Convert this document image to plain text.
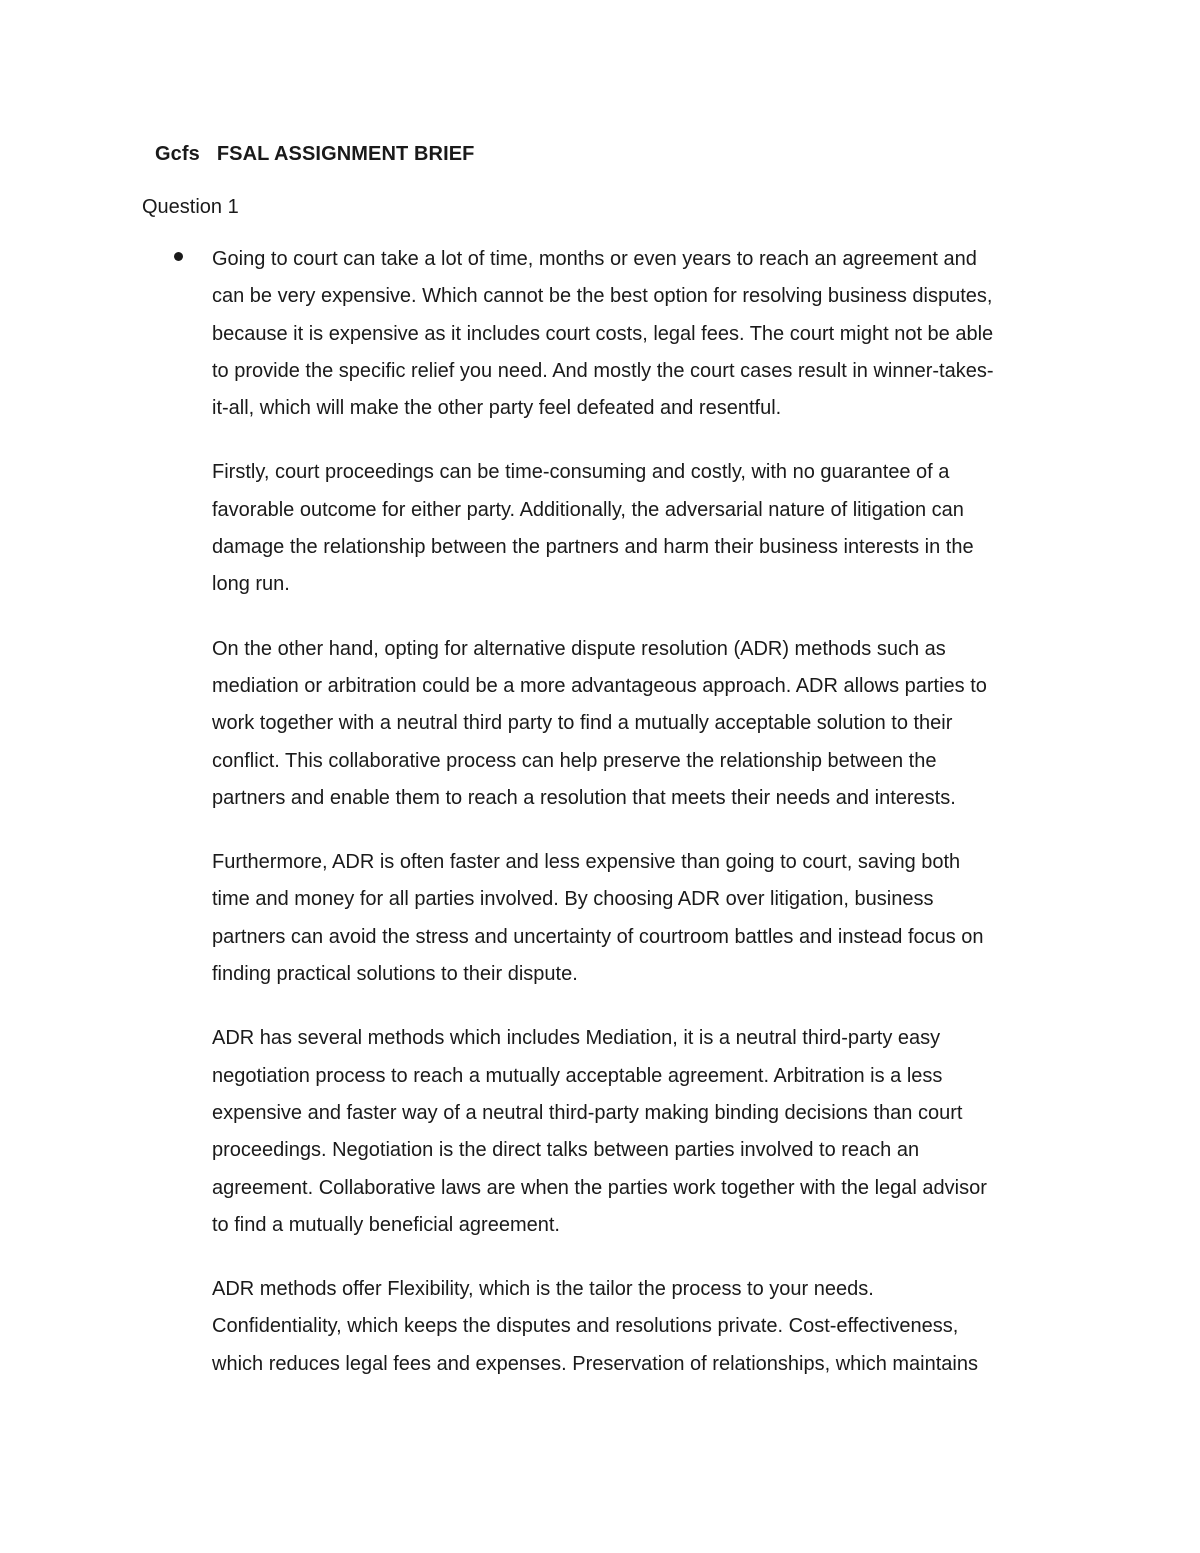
Gcfs   FSAL ASSIGNMENT BRIEF
Question 1

Going to court can take a lot of time, months or even years to reach an agreement and
can be very expensive. Which cannot be the best option for resolving business disputes,
because it is expensive as it includes court costs, legal fees. The court might not be able
to provide the specific relief you need. And mostly the court cases result in winner-takes-
it-all, which will make the other party feel defeated and resentful.

Firstly, court proceedings can be time-consuming and costly, with no guarantee of a
favorable outcome for either party. Additionally, the adversarial nature of litigation can
damage the relationship between the partners and harm their business interests in the
long run.

On the other hand, opting for alternative dispute resolution (ADR) methods such as
mediation or arbitration could be a more advantageous approach. ADR allows parties to
work together with a neutral third party to find a mutually acceptable solution to their
conflict. This collaborative process can help preserve the relationship between the
partners and enable them to reach a resolution that meets their needs and interests.

Furthermore, ADR is often faster and less expensive than going to court, saving both
time and money for all parties involved. By choosing ADR over litigation, business
partners can avoid the stress and uncertainty of courtroom battles and instead focus on
finding practical solutions to their dispute.

ADR has several methods which includes Mediation, it is a neutral third-party easy
negotiation process to reach a mutually acceptable agreement. Arbitration is a less
expensive and faster way of a neutral third-party making binding decisions than court
proceedings. Negotiation is the direct talks between parties involved to reach an
agreement. Collaborative laws are when the parties work together with the legal advisor
to find a mutually beneficial agreement.

ADR methods offer Flexibility, which is the tailor the process to your needs.
Confidentiality, which keeps the disputes and resolutions private. Cost-effectiveness,
which reduces legal fees and expenses. Preservation of relationships, which maintains
